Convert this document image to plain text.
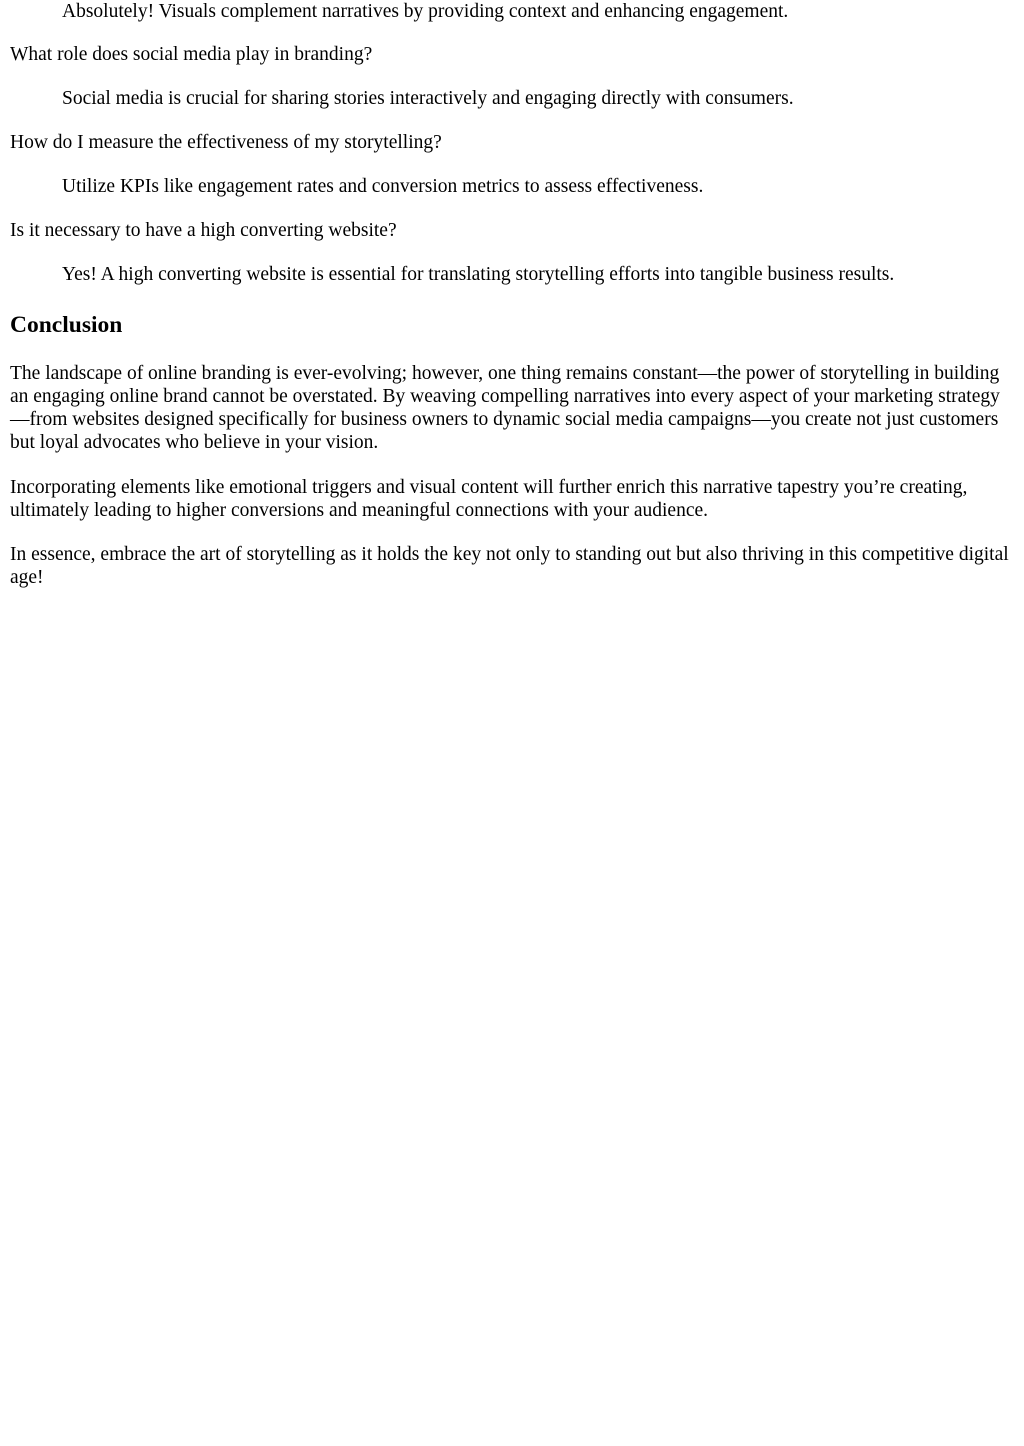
Absolutely! Visuals complement narratives by providing context and enhancing engagement.

What role does social media play in branding?

Social media is crucial for sharing stories interactively and engaging directly with consumers.

How do I measure the effectiveness of my storytelling?

Utilize KPIs like engagement rates and conversion metrics to assess effectiveness.

Is it necessary to have a high converting website?

Yes! A high converting website is essential for translating storytelling efforts into tangible business results.

Conclusion

The landscape of online branding is ever-evolving; however, one thing remains constant—the power of storytelling in building an engaging online brand cannot be overstated. By weaving compelling narratives into every aspect of your marketing strategy—from websites designed specifically for business owners to dynamic social media campaigns—you create not just customers but loyal advocates who believe in your vision.

Incorporating elements like emotional triggers and visual content will further enrich this narrative tapestry you’re creating, ultimately leading to higher conversions and meaningful connections with your audience.

In essence, embrace the art of storytelling as it holds the key not only to standing out but also thriving in this competitive digital age!
